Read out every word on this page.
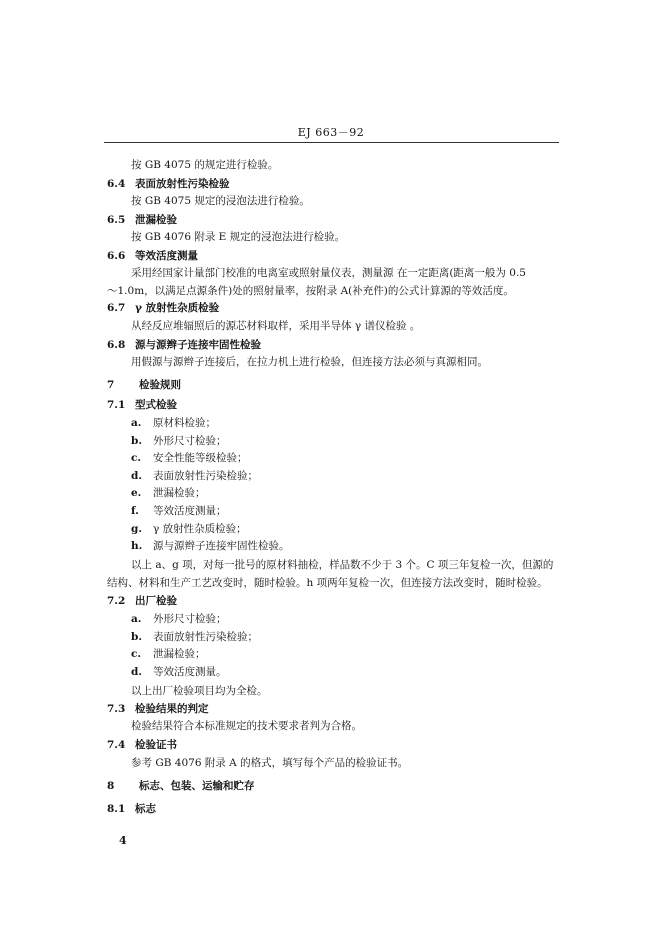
EJ 663－92
按 GB 4075 的规定进行检验。
6.4 表面放射性污染检验
按 GB 4075 规定的浸泡法进行检验。
6.5 泄漏检验
按 GB 4076 附录 E 规定的浸泡法进行检验。
6.6 等效活度测量
采用经国家计量部门校准的电离室或照射量仪表，测量源 在一定距离(距离一般为 0.5
～1.0m，以满足点源条件)处的照射量率，按附录 A(补充件)的公式计算源的等效活度。
6.7 γ 放射性杂质检验
从经反应堆辐照后的源芯材料取样，采用半导体 γ 谱仪检验 。
6.8 源与源辫子连接牢固性检验
用假源与源辫子连接后，在拉力机上进行检验，但连接方法必须与真源相同。
7 检验规则
7.1 型式检验
a. 原材料检验；
b. 外形尺寸检验；
c. 安全性能等级检验；
d. 表面放射性污染检验；
e. 泄漏检验；
f. 等效活度测量；
g. γ 放射性杂质检验；
h. 源与源辫子连接牢固性检验。
以上 a、g 项，对每一批号的原材料抽检，样品数不少于 3 个。C 项三年复检一次，但源的
结构、材料和生产工艺改变时，随时检验。h 项两年复检一次，但连接方法改变时，随时检验。
7.2 出厂检验
a. 外形尺寸检验；
b. 表面放射性污染检验；
c. 泄漏检验；
d. 等效活度测量。
以上出厂检验项目均为全检。
7.3 检验结果的判定
检验结果符合本标准规定的技术要求者判为合格。
7.4 检验证书
参考 GB 4076 附录 A 的格式，填写每个产品的检验证书。
8 标志、包装、运输和贮存
8.1 标志
4
